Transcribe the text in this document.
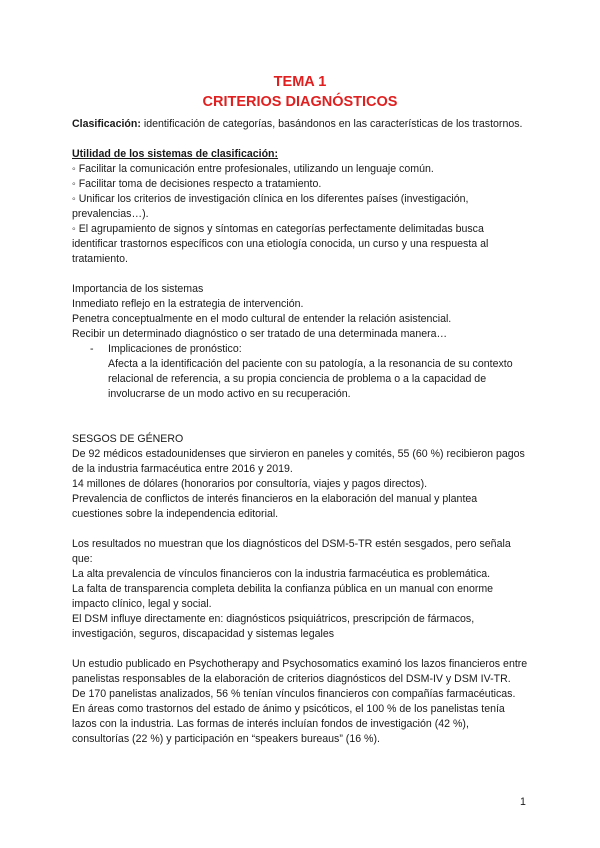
TEMA 1
CRITERIOS DIAGNÓSTICOS

Clasificación: identificación de categorías, basándonos en las características de los trastornos.

Utilidad de los sistemas de clasificación:

◦ Facilitar la comunicación entre profesionales, utilizando un lenguaje común.

◦ Facilitar toma de decisiones respecto a tratamiento.

◦ Unificar los criterios de investigación clínica en los diferentes países (investigación, prevalencias…).

◦ El agrupamiento de signos y síntomas en categorías perfectamente delimitadas busca identificar trastornos específicos con una etiología conocida, un curso y una respuesta al tratamiento.

Importancia de los sistemas

Inmediato reflejo en la estrategia de intervención.

Penetra conceptualmente en el modo cultural de entender la relación asistencial.

Recibir un determinado diagnóstico o ser tratado de una determinada manera…

-	Implicaciones de pronóstico:

Afecta a la identificación del paciente con su patología, a la resonancia de su contexto relacional de referencia, a su propia conciencia de problema o a la capacidad de involucrarse de un modo activo en su recuperación.

SESGOS DE GÉNERO

De 92 médicos estadounidenses que sirvieron en paneles y comités, 55 (60 %) recibieron pagos de la industria farmacéutica entre 2016 y 2019.

14 millones de dólares (honorarios por consultoría, viajes y pagos directos).

Prevalencia de conflictos de interés financieros en la elaboración del manual y plantea cuestiones sobre la independencia editorial.

Los resultados no muestran que los diagnósticos del DSM-5-TR estén sesgados, pero señala que:

La alta prevalencia de vínculos financieros con la industria farmacéutica es problemática.

La falta de transparencia completa debilita la confianza pública en un manual con enorme impacto clínico, legal y social.

El DSM influye directamente en: diagnósticos psiquiátricos, prescripción de fármacos, investigación, seguros, discapacidad y sistemas legales

Un estudio publicado en Psychotherapy and Psychosomatics examinó los lazos financieros entre panelistas responsables de la elaboración de criterios diagnósticos del DSM-IV y DSM IV-TR.

De 170 panelistas analizados, 56 % tenían vínculos financieros con compañías farmacéuticas. En áreas como trastornos del estado de ánimo y psicóticos, el 100 % de los panelistas tenía lazos con la industria. Las formas de interés incluían fondos de investigación (42 %), consultorías (22 %) y participación en “speakers bureaus” (16 %).

1
